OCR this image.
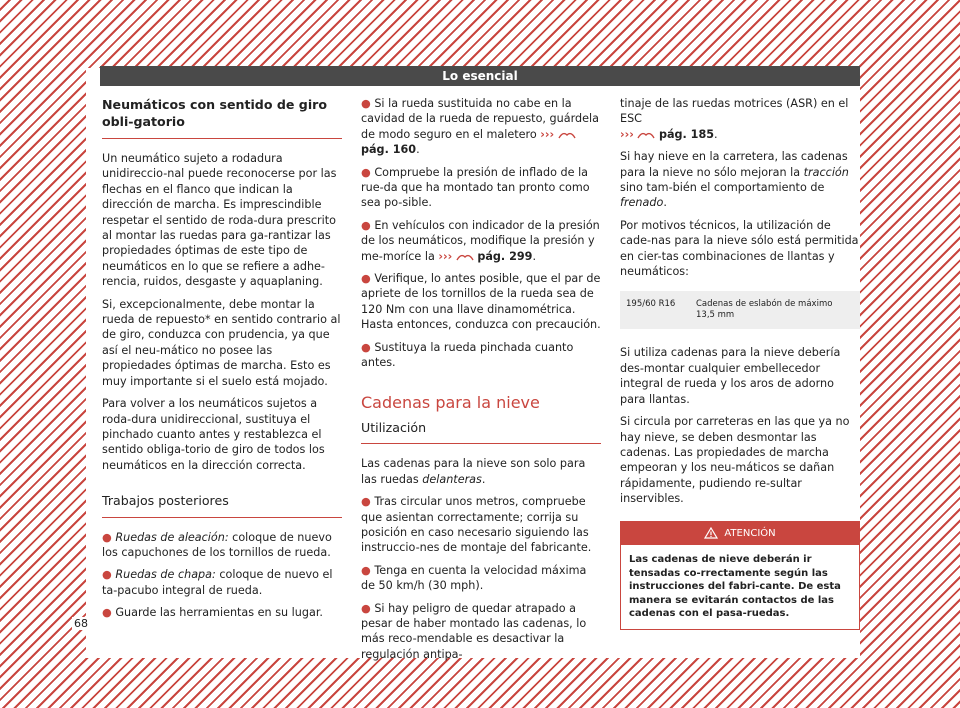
Lo esencial
Neumáticos con sentido de giro obli-gatorio

Un neumático sujeto a rodadura unidireccio-nal puede reconocerse por las flechas en el flanco que indican la dirección de marcha. Es imprescindible respetar el sentido de roda-dura prescrito al montar las ruedas para ga-rantizar las propiedades óptimas de este tipo de neumáticos en lo que se refiere a adhe-rencia, ruidos, desgaste y aquaplaning.

Si, excepcionalmente, debe montar la rueda de repuesto* en sentido contrario al de giro, conduzca con prudencia, ya que así el neu-mático no posee las propiedades óptimas de marcha. Esto es muy importante si el suelo está mojado.

Para volver a los neumáticos sujetos a roda-dura unidireccional, sustituya el pinchado cuanto antes y restablezca el sentido obliga-torio de giro de todos los neumáticos en la dirección correcta.

Trabajos posteriores

● Ruedas de aleación: coloque de nuevo los capuchones de los tornillos de rueda.

● Ruedas de chapa: coloque de nuevo el ta-pacubo integral de rueda.

● Guarde las herramientas en su lugar.

● Si la rueda sustituida no cabe en la cavidad de la rueda de repuesto, guárdela de modo seguro en el maletero ›››  pág. 160.

● Compruebe la presión de inflado de la rue-da que ha montado tan pronto como sea po-sible.

● En vehículos con indicador de la presión de los neumáticos, modifique la presión y me-moríce la ››› pág. 299.

● Verifique, lo antes posible, que el par de apriete de los tornillos de la rueda sea de 120 Nm con una llave dinamométrica. Hasta entonces, conduzca con precaución.

● Sustituya la rueda pinchada cuanto antes.

Cadenas para la nieve
Utilización

Las cadenas para la nieve son solo para las ruedas delanteras.

● Tras circular unos metros, compruebe que asientan correctamente; corrija su posición en caso necesario siguiendo las instruccio-nes de montaje del fabricante.

● Tenga en cuenta la velocidad máxima de 50 km/h (30 mph).

● Si hay peligro de quedar atrapado a pesar de haber montado las cadenas, lo más reco-mendable es desactivar la regulación antipa-

tinaje de las ruedas motrices (ASR) en el ESC
››› pág. 185.

Si hay nieve en la carretera, las cadenas para la nieve no sólo mejoran la tracción sino tam-bién el comportamiento de frenado.

Por motivos técnicos, la utilización de cade-nas para la nieve sólo está permitida en cier-tas combinaciones de llantas y neumáticos:

195/60 R16	Cadenas de eslabón de máximo 13,5 mm

Si utiliza cadenas para la nieve debería des-montar cualquier embellecedor integral de rueda y los aros de adorno para llantas.

Si circula por carreteras en las que ya no hay nieve, se deben desmontar las cadenas. Las propiedades de marcha empeoran y los neu-máticos se dañan rápidamente, pudiendo re-sultar inservibles.

ATENCIÓN
Las cadenas de nieve deberán ir tensadas co-rrectamente según las instrucciones del fabri-cante. De esta manera se evitarán contactos de las cadenas con el pasa-ruedas.
68
